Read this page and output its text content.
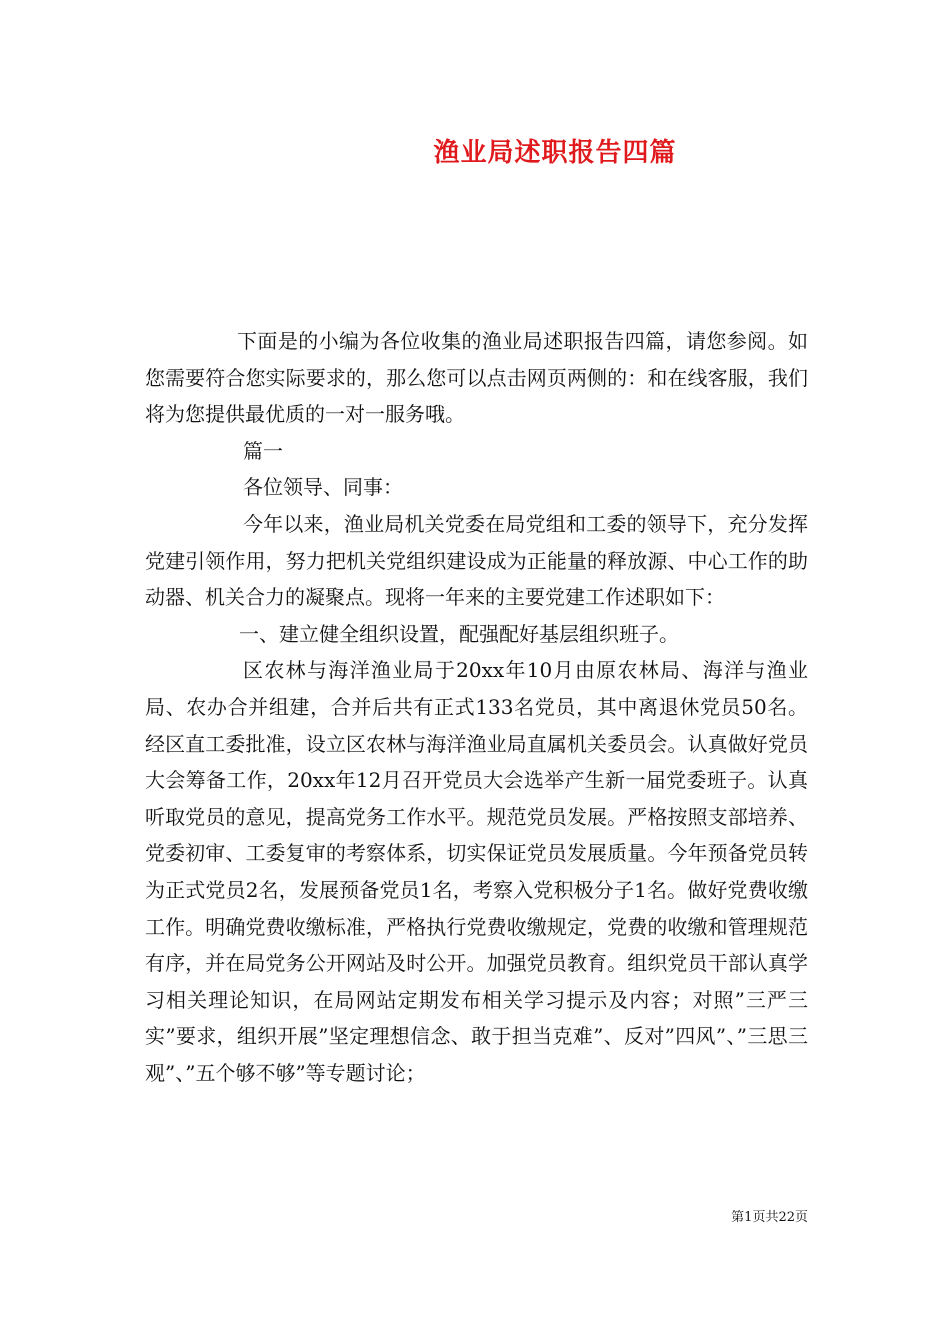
渔业局述职报告四篇

下面是的小编为各位收集的渔业局述职报告四篇，请您参阅。如您需要符合您实际要求的，那么您可以点击网页两侧的：和在线客服，我们将为您提供最优质的一对一服务哦。

篇一

各位领导、同事：

今年以来，渔业局机关党委在局党组和工委的领导下，充分发挥党建引领作用，努力把机关党组织建设成为正能量的释放源、中心工作的助动器、机关合力的凝聚点。现将一年来的主要党建工作述职如下：

一、建立健全组织设置，配强配好基层组织班子。

区农林与海洋渔业局于20xx年10月由原农林局、海洋与渔业局、农办合并组建，合并后共有正式133名党员，其中离退休党员50名。经区直工委批准，设立区农林与海洋渔业局直属机关委员会。认真做好党员大会筹备工作，20xx年12月召开党员大会选举产生新一届党委班子。认真听取党员的意见，提高党务工作水平。规范党员发展。严格按照支部培养、党委初审、工委复审的考察体系，切实保证党员发展质量。今年预备党员转为正式党员2名，发展预备党员1名，考察入党积极分子1名。做好党费收缴工作。明确党费收缴标准，严格执行党费收缴规定，党费的收缴和管理规范有序，并在局党务公开网站及时公开。加强党员教育。组织党员干部认真学习相关理论知识，在局网站定期发布相关学习提示及内容；对照”三严三实”要求，组织开展”坚定理想信念、敢于担当克难”、反对”四风”、”三思三观”、”五个够不够”等专题讨论；

第1页共22页
